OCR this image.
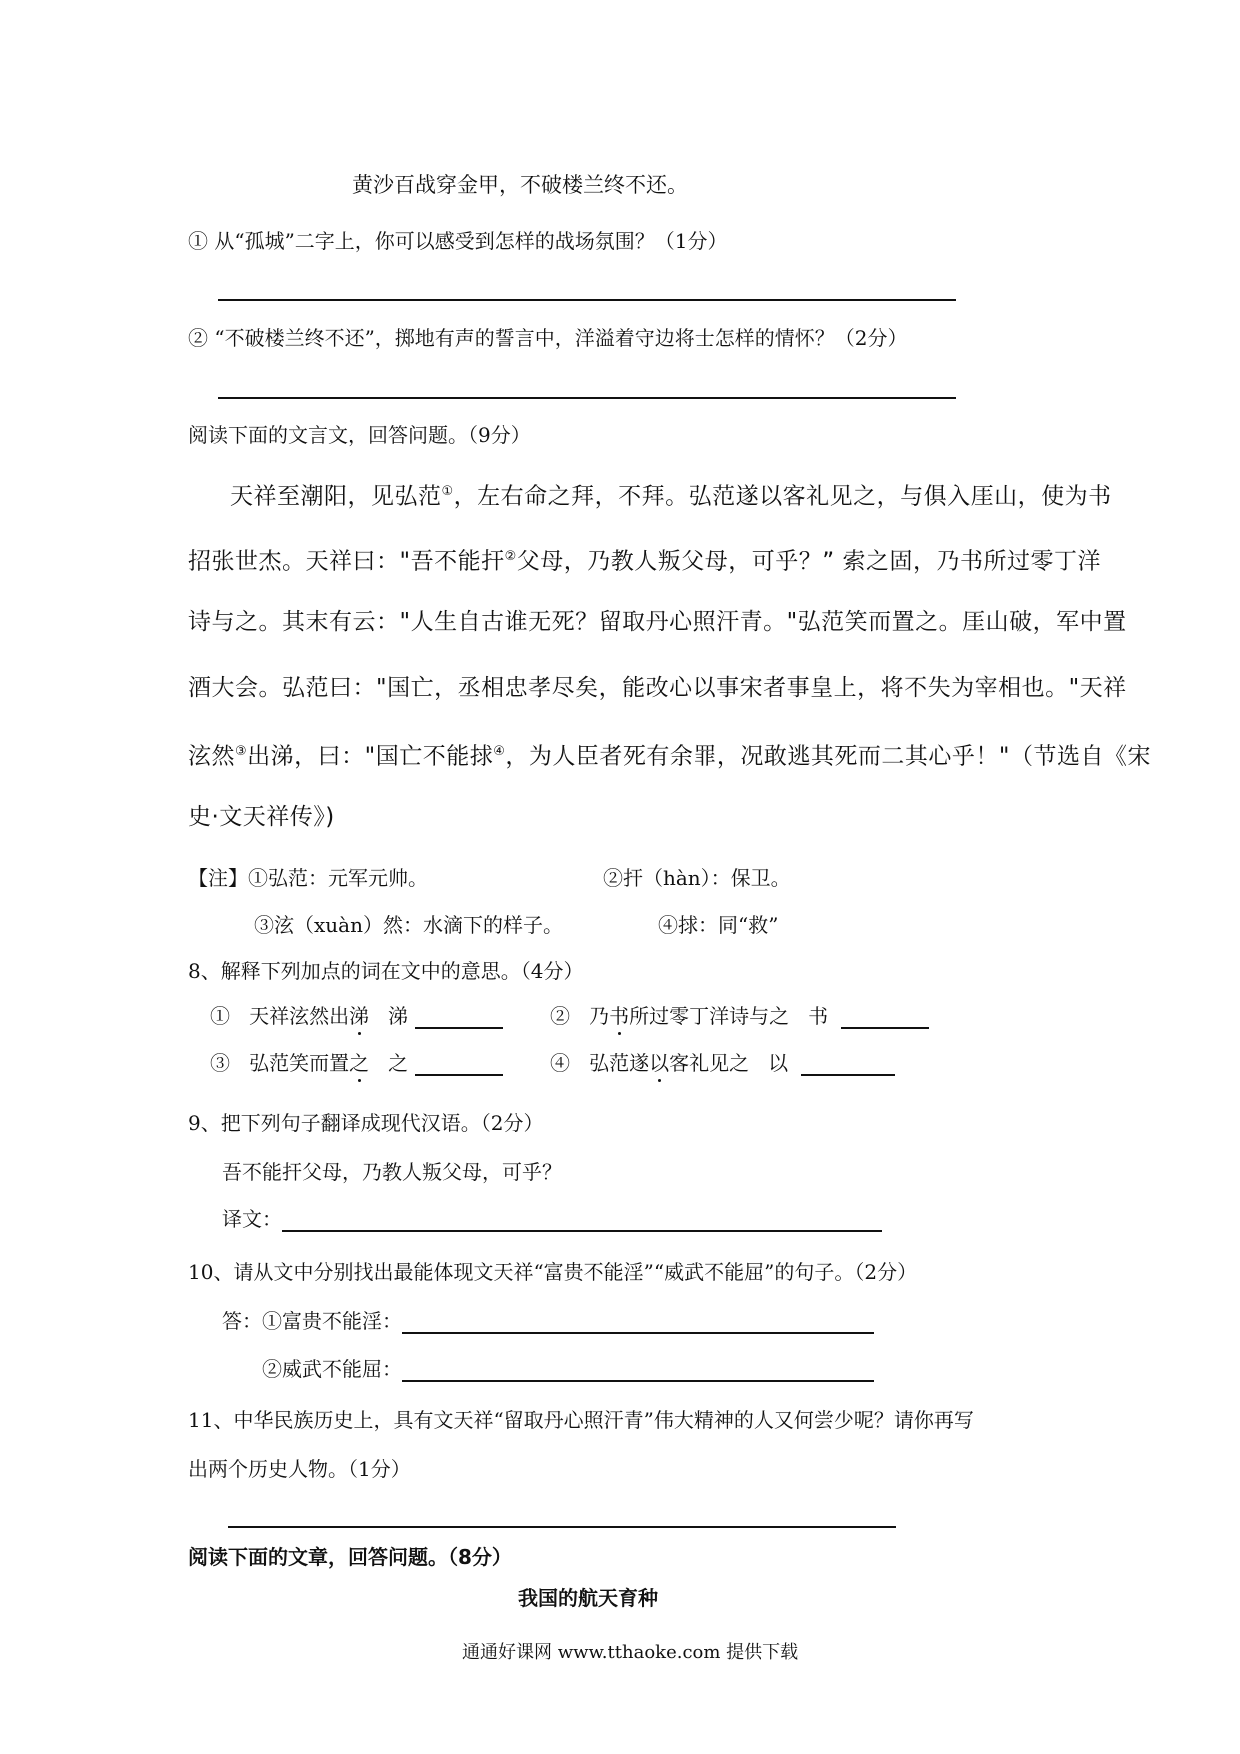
黄沙百战穿金甲，不破楼兰终不还。
① 从“孤城”二字上，你可以感受到怎样的战场氛围？（1分）
② “不破楼兰终不还”，掷地有声的誓言中，洋溢着守边将士怎样的情怀？（2分）
阅读下面的文言文，回答问题。（9分）
天祥至潮阳，见弘范①，左右命之拜，不拜。弘范遂以客礼见之，与俱入厓山，使为书
招张世杰。天祥曰："吾不能扞②父母，乃教人叛父母，可乎？” 索之固，乃书所过零丁洋
诗与之。其末有云："人生自古谁无死？留取丹心照汗青。"弘范笑而置之。厓山破，军中置
酒大会。弘范曰："国亡，丞相忠孝尽矣，能改心以事宋者事皇上，将不失为宰相也。"天祥
泫然③出涕，曰："国亡不能捄④，为人臣者死有余罪，况敢逃其死而二其心乎！"（节选自《宋
史·文天祥传》)
【注】①弘范：元军元帅。	②扞（hàn）：保卫。
③泫（xuàn）然：水滴下的样子。	④捄：同“救”
8、解释下列加点的词在文中的意思。（4分）
① 天祥泫然出涕 涕	② 乃书所过零丁洋诗与之 书
③ 弘范笑而置之 之	④ 弘范遂以客礼见之 以
9、把下列句子翻译成现代汉语。（2分）
吾不能扞父母，乃教人叛父母，可乎？
译文：
10、请从文中分别找出最能体现文天祥“富贵不能淫”“威武不能屈”的句子。（2分）
答：①富贵不能淫：
②威武不能屈：
11、中华民族历史上，具有文天祥“留取丹心照汗青”伟大精神的人又何尝少呢？请你再写
出两个历史人物。（1分）
阅读下面的文章，回答问题。（8分）
我国的航天育种
通通好课网 www.tthaoke.com 提供下载
